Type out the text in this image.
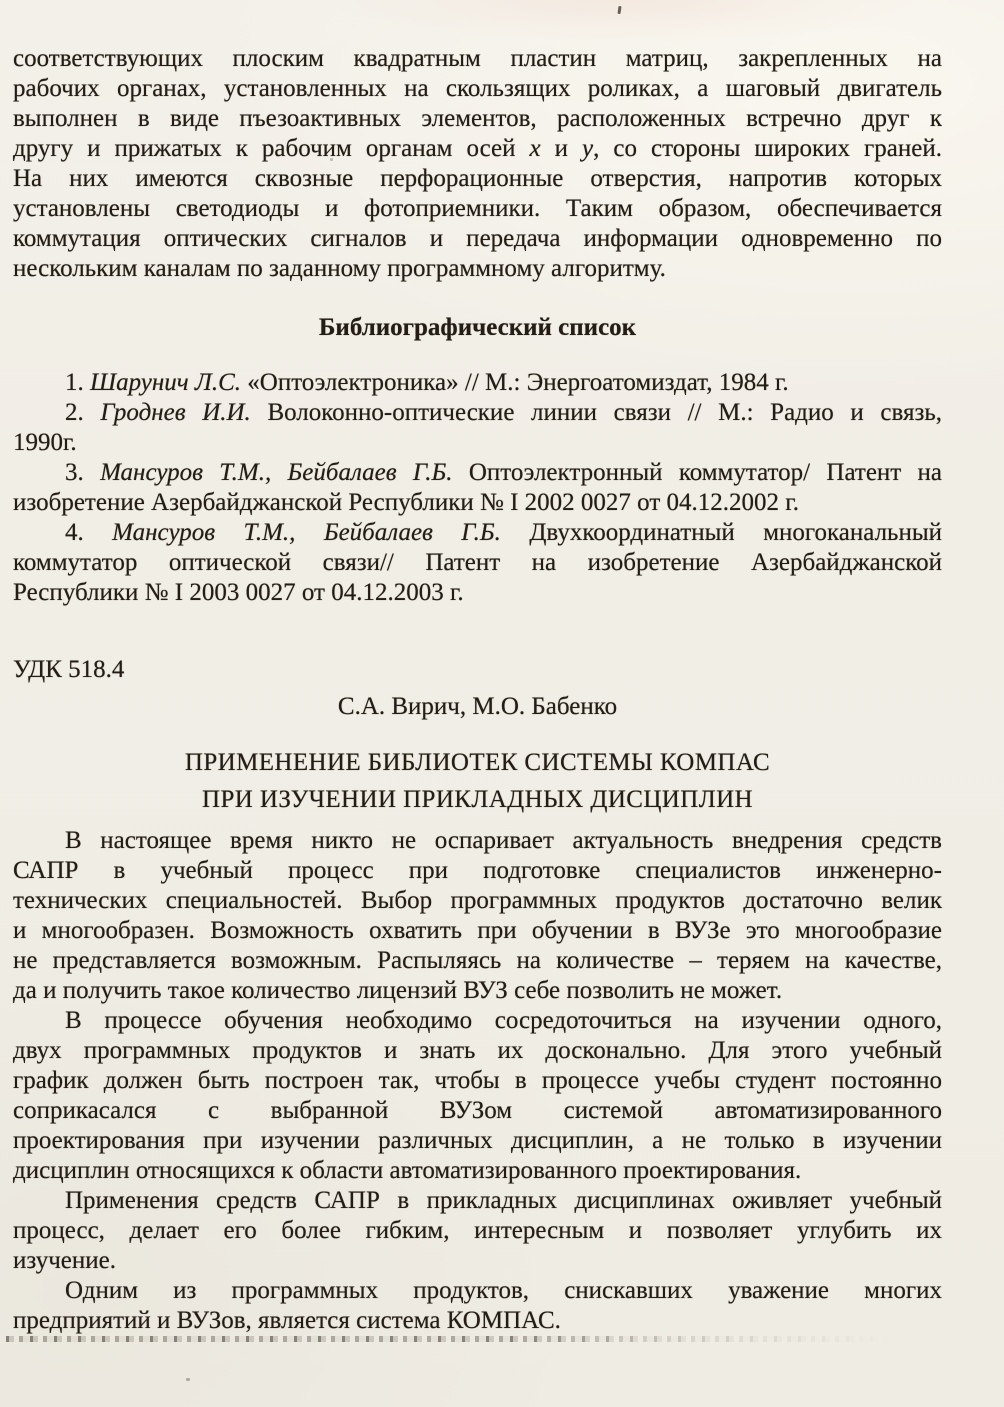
соответствующих плоским квадратным пластин матриц, закрепленных на
рабочих органах, установленных на скользящих роликах, а шаговый двигатель
выполнен в виде пъезоактивных элементов, расположенных встречно друг к
другу и прижатых к рабочим органам осей х и у, со стороны широких граней.
На них имеются сквозные перфорационные отверстия, напротив которых
установлены светодиоды и фотоприемники. Таким образом, обеспечивается
коммутация оптических сигналов и передача информации одновременно по
нескольким каналам по заданному программному алгоритму.
Библиографический список
1. Шарунич Л.С. «Оптоэлектроника» // М.: Энергоатомиздат, 1984 г.
2. Гроднев И.И. Волоконно-оптические линии связи // М.: Радио и связь,
1990г.
3. Мансуров Т.М., Бейбалаев Г.Б. Оптоэлектронный коммутатор/ Патент на
изобретение Азербайджанской Республики № I 2002 0027 от 04.12.2002 г.
4. Мансуров Т.М., Бейбалаев Г.Б. Двухкоординатный многоканальный
коммутатор оптической связи// Патент на изобретение Азербайджанской
Республики № I 2003 0027 от 04.12.2003 г.
УДК 518.4
С.А. Вирич, М.О. Бабенко
ПРИМЕНЕНИЕ БИБЛИОТЕК СИСТЕМЫ КОМПАС
ПРИ ИЗУЧЕНИИ ПРИКЛАДНЫХ ДИСЦИПЛИН
В настоящее время никто не оспаривает актуальность внедрения средств
САПР в учебный процесс при подготовке специалистов инженерно-
технических специальностей. Выбор программных продуктов достаточно велик
и многообразен. Возможность охватить при обучении в ВУЗе это многообразие
не представляется возможным. Распыляясь на количестве – теряем на качестве,
да и получить такое количество лицензий ВУЗ себе позволить не может.
В процессе обучения необходимо сосредоточиться на изучении одного,
двух программных продуктов и знать их досконально. Для этого учебный
график должен быть построен так, чтобы в процессе учебы студент постоянно
соприкасался с выбранной ВУЗом системой автоматизированного
проектирования при изучении различных дисциплин, а не только в изучении
дисциплин относящихся к области автоматизированного проектирования.
Применения средств САПР в прикладных дисциплинах оживляет учебный
процесс, делает его более гибким, интересным и позволяет углубить их
изучение.
Одним из программных продуктов, снискавших уважение многих
предприятий и ВУЗов, является система КОМПАС.
